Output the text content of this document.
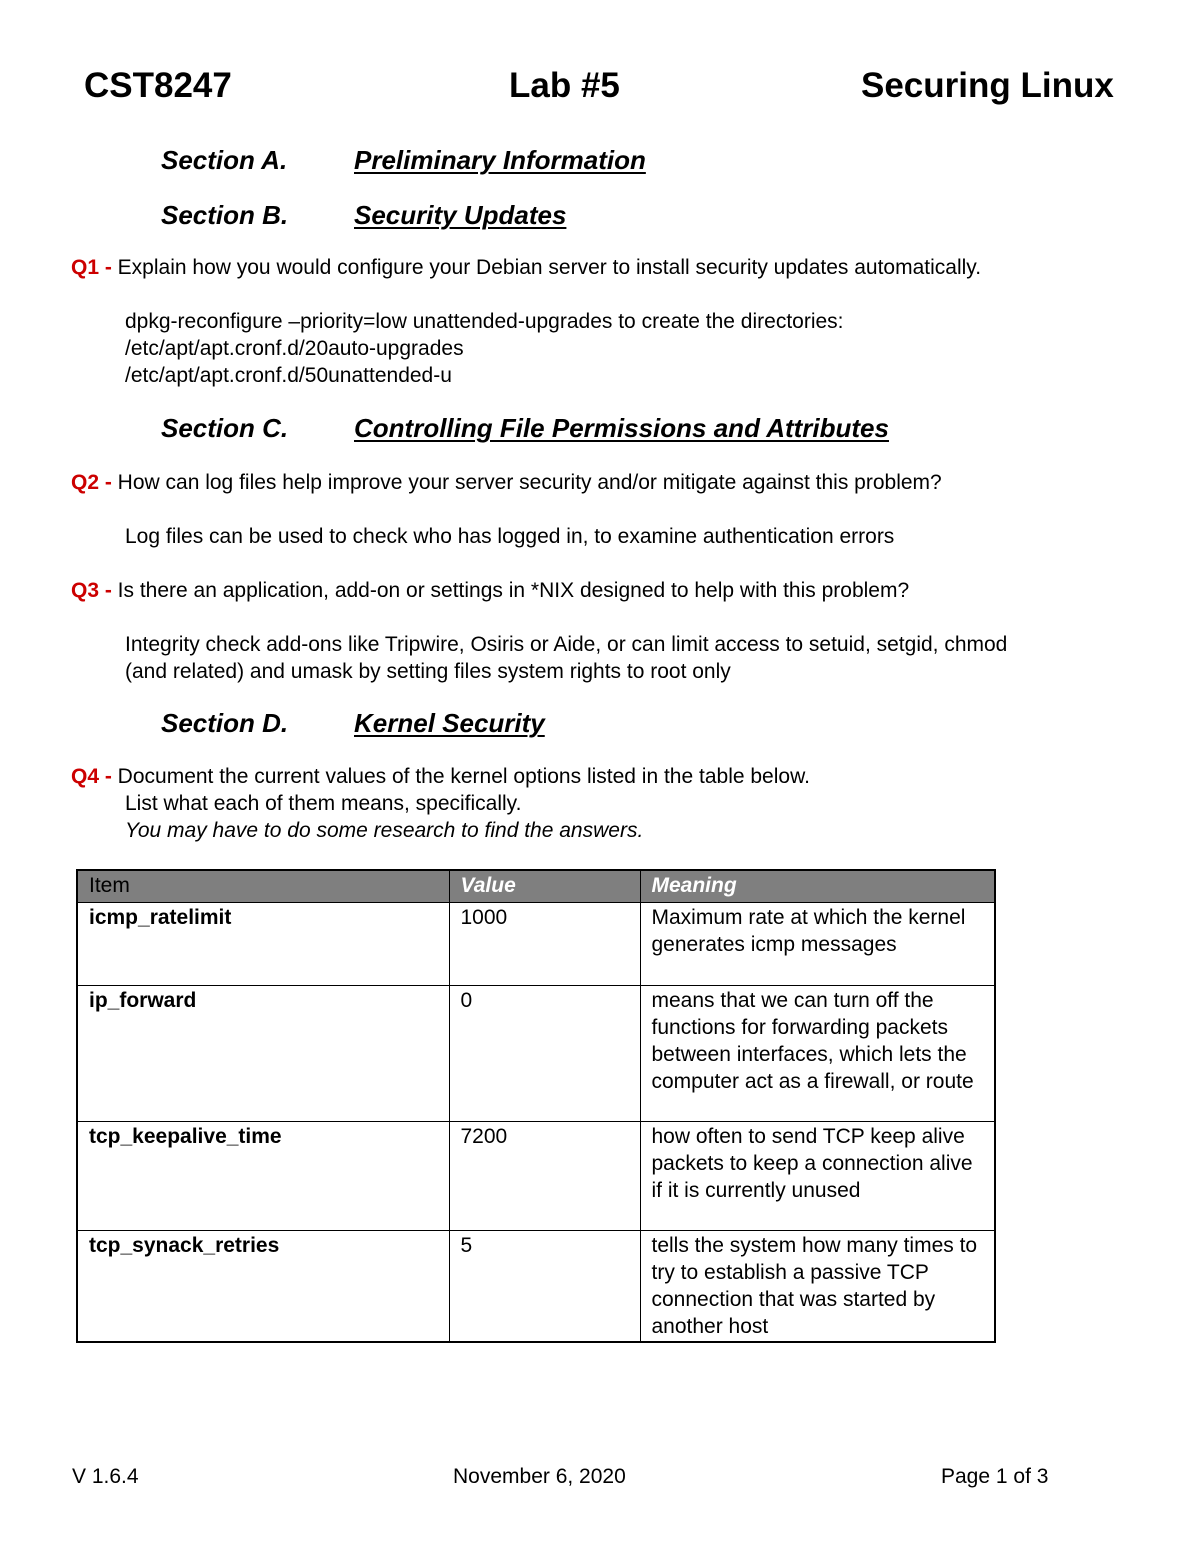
CST8247	Lab #5	Securing Linux
Section A.	Preliminary Information
Section B.	Security Updates
Q1 - Explain how you would configure your Debian server to install security updates automatically.
dpkg-reconfigure –priority=low unattended-upgrades to create the directories:
/etc/apt/apt.cronf.d/20auto-upgrades
/etc/apt/apt.cronf.d/50unattended-u
Section C.	Controlling File Permissions and Attributes
Q2 - How can log files help improve your server security and/or mitigate against this problem?
Log files can be used to check who has logged in, to examine authentication errors
Q3 - Is there an application, add-on or settings in *NIX designed to help with this problem?
Integrity check add-ons like Tripwire, Osiris or Aide, or can limit access to setuid, setgid, chmod
(and related) and umask by setting files system rights to root only
Section D.	Kernel Security
Q4 - Document the current values of the kernel options listed in the table below.
List what each of them means, specifically.
You may have to do some research to find the answers.
Item	Value	Meaning
icmp_ratelimit	1000	Maximum rate at which the kernel generates icmp messages
ip_forward	0	means that we can turn off the functions for forwarding packets between interfaces, which lets the computer act as a firewall, or route
tcp_keepalive_time	7200	how often to send TCP keep alive packets to keep a connection alive if it is currently unused
tcp_synack_retries	5	tells the system how many times to try to establish a passive TCP connection that was started by another host
V 1.6.4	November 6, 2020	Page 1 of 3
